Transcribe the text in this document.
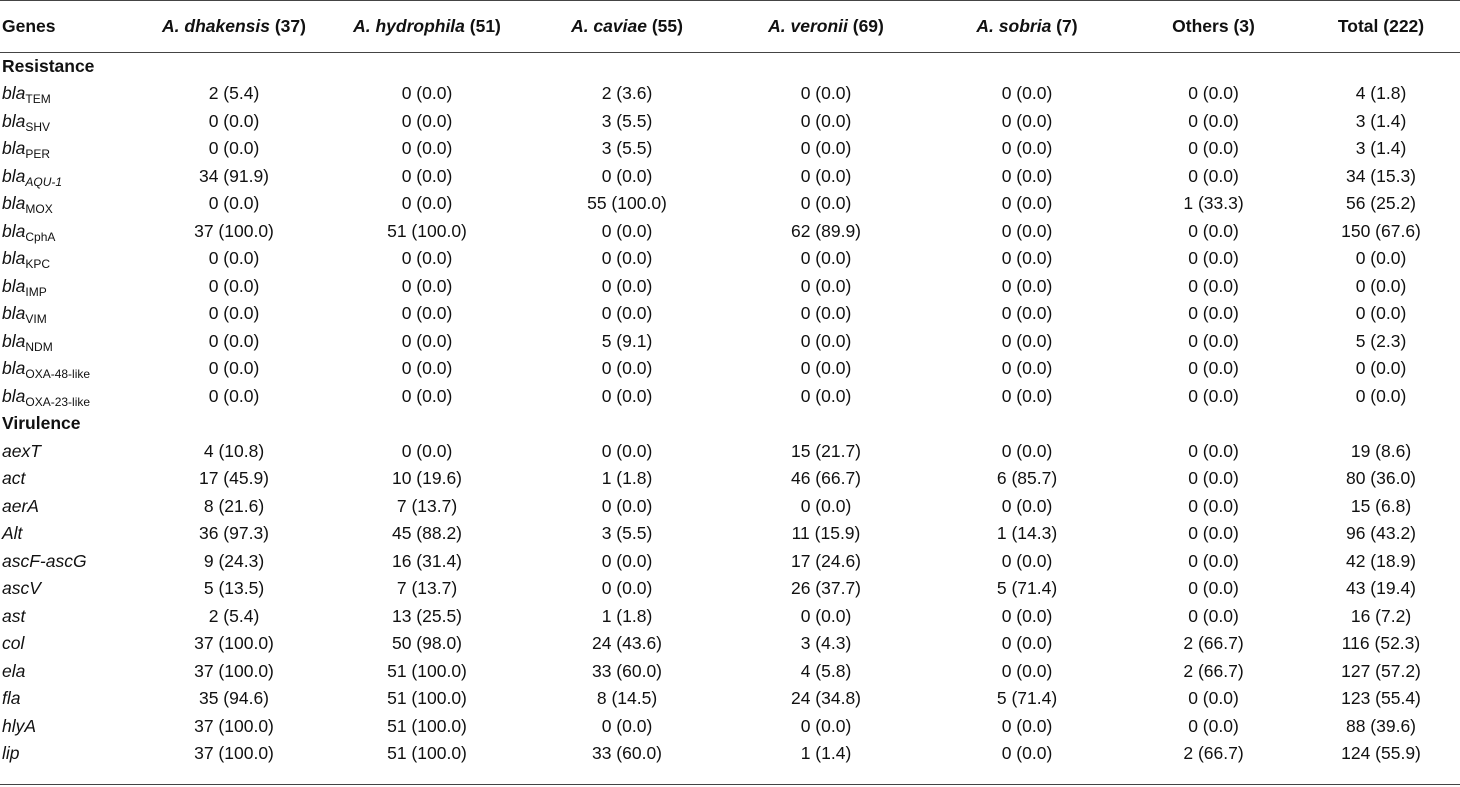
Genes	A. dhakensis (37)	A. hydrophila (51)	A. caviae (55)	A. veronii (69)	A. sobria (7)	Others (3)	Total (222)
Resistance							
bla$_{TEM}$	2 (5.4)	0 (0.0)	2 (3.6)	0 (0.0)	0 (0.0)	0 (0.0)	4 (1.8)
bla$_{SHV}$	0 (0.0)	0 (0.0)	3 (5.5)	0 (0.0)	0 (0.0)	0 (0.0)	3 (1.4)
bla$_{PER}$	0 (0.0)	0 (0.0)	3 (5.5)	0 (0.0)	0 (0.0)	0 (0.0)	3 (1.4)
bla$_{AQU-1}$	34 (91.9)	0 (0.0)	0 (0.0)	0 (0.0)	0 (0.0)	0 (0.0)	34 (15.3)
bla$_{MOX}$	0 (0.0)	0 (0.0)	55 (100.0)	0 (0.0)	0 (0.0)	1 (33.3)	56 (25.2)
bla$_{CphA}$	37 (100.0)	51 (100.0)	0 (0.0)	62 (89.9)	0 (0.0)	0 (0.0)	150 (67.6)
bla$_{KPC}$	0 (0.0)	0 (0.0)	0 (0.0)	0 (0.0)	0 (0.0)	0 (0.0)	0 (0.0)
bla$_{IMP}$	0 (0.0)	0 (0.0)	0 (0.0)	0 (0.0)	0 (0.0)	0 (0.0)	0 (0.0)
bla$_{VIM}$	0 (0.0)	0 (0.0)	0 (0.0)	0 (0.0)	0 (0.0)	0 (0.0)	0 (0.0)
bla$_{NDM}$	0 (0.0)	0 (0.0)	5 (9.1)	0 (0.0)	0 (0.0)	0 (0.0)	5 (2.3)
bla$_{OXA-48-like}$	0 (0.0)	0 (0.0)	0 (0.0)	0 (0.0)	0 (0.0)	0 (0.0)	0 (0.0)
bla$_{OXA-23-like}$	0 (0.0)	0 (0.0)	0 (0.0)	0 (0.0)	0 (0.0)	0 (0.0)	0 (0.0)
Virulence							
aexT	4 (10.8)	0 (0.0)	0 (0.0)	15 (21.7)	0 (0.0)	0 (0.0)	19 (8.6)
act	17 (45.9)	10 (19.6)	1 (1.8)	46 (66.7)	6 (85.7)	0 (0.0)	80 (36.0)
aerA	8 (21.6)	7 (13.7)	0 (0.0)	0 (0.0)	0 (0.0)	0 (0.0)	15 (6.8)
Alt	36 (97.3)	45 (88.2)	3 (5.5)	11 (15.9)	1 (14.3)	0 (0.0)	96 (43.2)
ascF-ascG	9 (24.3)	16 (31.4)	0 (0.0)	17 (24.6)	0 (0.0)	0 (0.0)	42 (18.9)
ascV	5 (13.5)	7 (13.7)	0 (0.0)	26 (37.7)	5 (71.4)	0 (0.0)	43 (19.4)
ast	2 (5.4)	13 (25.5)	1 (1.8)	0 (0.0)	0 (0.0)	0 (0.0)	16 (7.2)
col	37 (100.0)	50 (98.0)	24 (43.6)	3 (4.3)	0 (0.0)	2 (66.7)	116 (52.3)
ela	37 (100.0)	51 (100.0)	33 (60.0)	4 (5.8)	0 (0.0)	2 (66.7)	127 (57.2)
fla	35 (94.6)	51 (100.0)	8 (14.5)	24 (34.8)	5 (71.4)	0 (0.0)	123 (55.4)
hlyA	37 (100.0)	51 (100.0)	0 (0.0)	0 (0.0)	0 (0.0)	0 (0.0)	88 (39.6)
lip	37 (100.0)	51 (100.0)	33 (60.0)	1 (1.4)	0 (0.0)	2 (66.7)	124 (55.9)
